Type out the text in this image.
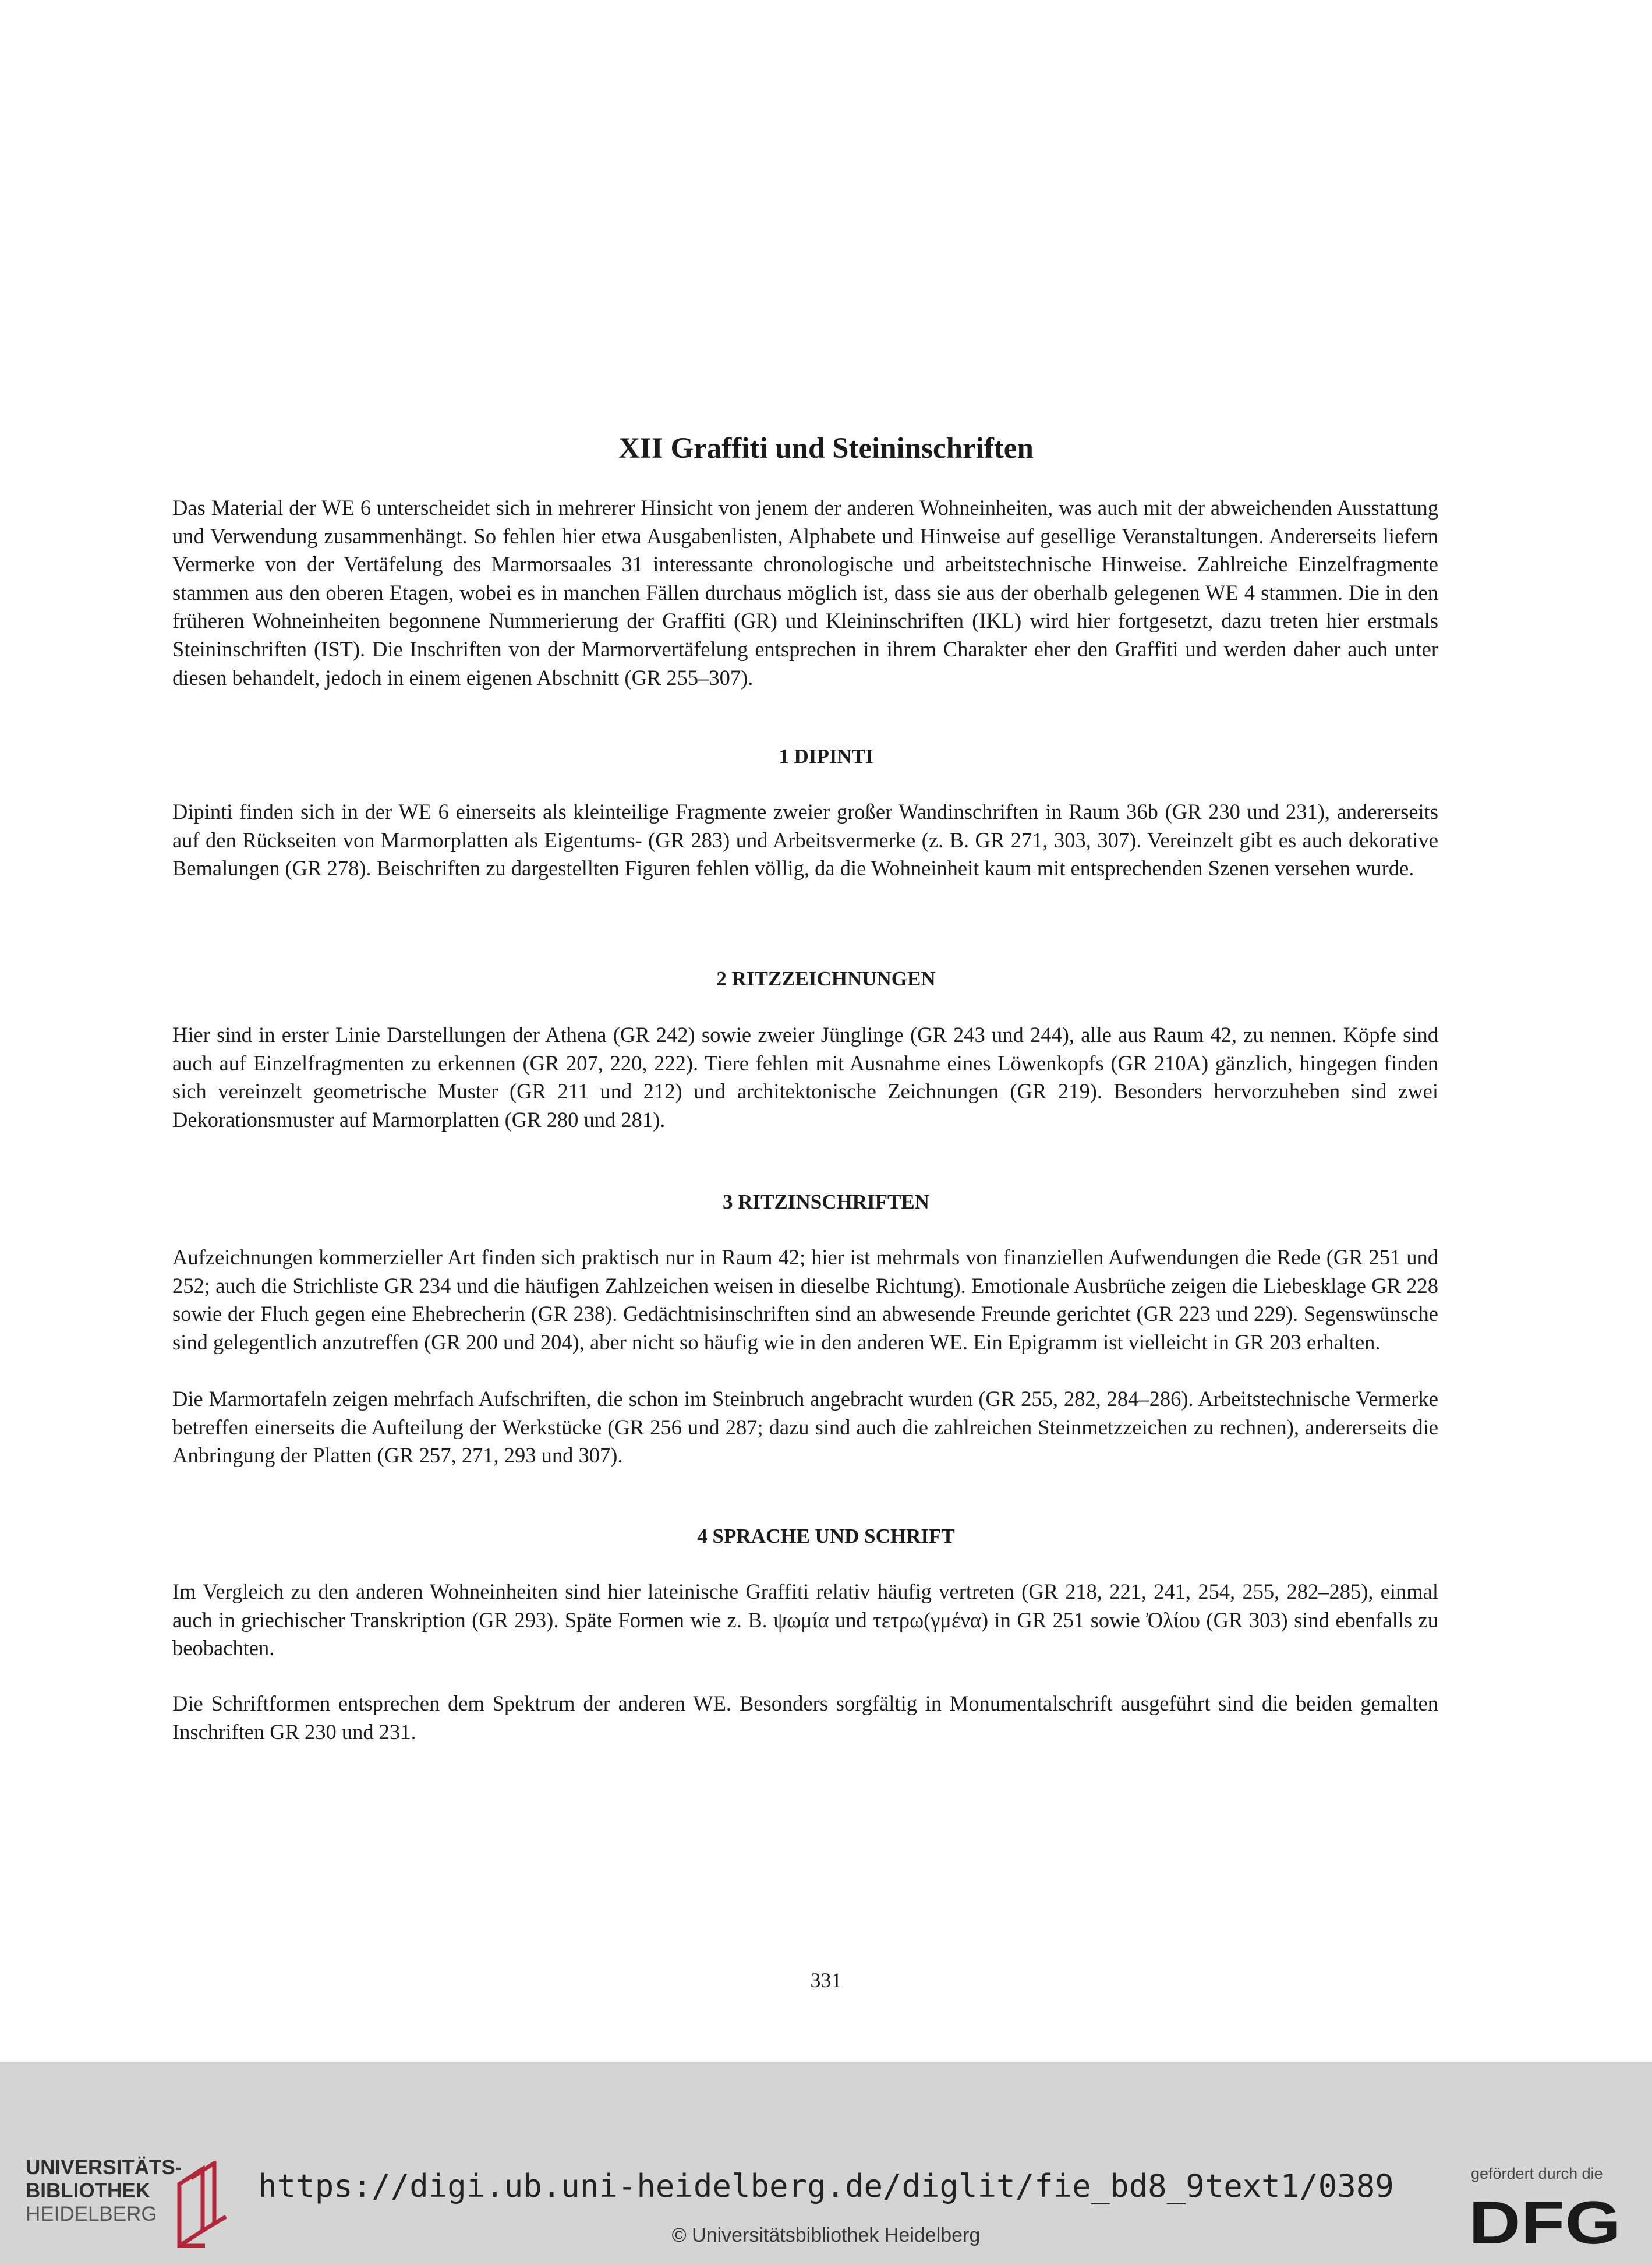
XII Graffiti und Steininschriften

Das Material der WE 6 unterscheidet sich in mehrerer Hinsicht von jenem der anderen Wohneinheiten, was auch mit der abweichenden Ausstattung und Verwendung zusammenhängt. So fehlen hier etwa Ausgabenlisten, Alphabete und Hinweise auf gesellige Veranstaltungen. Andererseits liefern Vermerke von der Vertäfelung des Marmorsaales 31 interessante chronologische und arbeitstechnische Hinweise. Zahlreiche Einzelfragmente stammen aus den oberen Etagen, wobei es in manchen Fällen durchaus möglich ist, dass sie aus der oberhalb gelegenen WE 4 stammen. Die in den früheren Wohneinheiten begonnene Nummerierung der Graffiti (GR) und Kleininschriften (IKL) wird hier fortgesetzt, dazu treten hier erstmals Steininschriften (IST). Die Inschriften von der Marmorvertäfelung entsprechen in ihrem Charakter eher den Graffiti und werden daher auch unter diesen behandelt, jedoch in einem eigenen Abschnitt (GR 255–307).

1 DIPINTI

Dipinti finden sich in der WE 6 einerseits als kleinteilige Fragmente zweier großer Wandinschriften in Raum 36b (GR 230 und 231), andererseits auf den Rückseiten von Marmorplatten als Eigentums- (GR 283) und Arbeitsvermerke (z. B. GR 271, 303, 307). Vereinzelt gibt es auch dekorative Bemalungen (GR 278). Beischriften zu dargestellten Figuren fehlen völlig, da die Wohneinheit kaum mit entsprechenden Szenen versehen wurde.

2 RITZZEICHNUNGEN

Hier sind in erster Linie Darstellungen der Athena (GR 242) sowie zweier Jünglinge (GR 243 und 244), alle aus Raum 42, zu nennen. Köpfe sind auch auf Einzelfragmenten zu erkennen (GR 207, 220, 222). Tiere fehlen mit Ausnahme eines Löwenkopfs (GR 210A) gänzlich, hingegen finden sich vereinzelt geometrische Muster (GR 211 und 212) und architektonische Zeichnungen (GR 219). Besonders hervorzuheben sind zwei Dekorationsmuster auf Marmorplatten (GR 280 und 281).

3 RITZINSCHRIFTEN

Aufzeichnungen kommerzieller Art finden sich praktisch nur in Raum 42; hier ist mehrmals von finanziellen Aufwendungen die Rede (GR 251 und 252; auch die Strichliste GR 234 und die häufigen Zahlzeichen weisen in dieselbe Richtung). Emotionale Ausbrüche zeigen die Liebesklage GR 228 sowie der Fluch gegen eine Ehebrecherin (GR 238). Gedächtnisinschriften sind an abwesende Freunde gerichtet (GR 223 und 229). Segenswünsche sind gelegentlich anzutreffen (GR 200 und 204), aber nicht so häufig wie in den anderen WE. Ein Epigramm ist vielleicht in GR 203 erhalten.

Die Marmortafeln zeigen mehrfach Aufschriften, die schon im Steinbruch angebracht wurden (GR 255, 282, 284–286). Arbeitstechnische Vermerke betreffen einerseits die Aufteilung der Werkstücke (GR 256 und 287; dazu sind auch die zahlreichen Steinmetzzeichen zu rechnen), andererseits die Anbringung der Platten (GR 257, 271, 293 und 307).

4 SPRACHE UND SCHRIFT

Im Vergleich zu den anderen Wohneinheiten sind hier lateinische Graffiti relativ häufig vertreten (GR 218, 221, 241, 254, 255, 282–285), einmal auch in griechischer Transkription (GR 293). Späte Formen wie z. B. ψωμία und τετρω(γμένα) in GR 251 sowie Ὀλίου (GR 303) sind ebenfalls zu beobachten.

Die Schriftformen entsprechen dem Spektrum der anderen WE. Besonders sorgfältig in Monumentalschrift ausgeführt sind die beiden gemalten Inschriften GR 230 und 231.

331
UNIVERSITÄTS-
BIBLIOTHEK
HEIDELBERG
https://digi.ub.uni-heidelberg.de/diglit/fie_bd8_9text1/0389
© Universitätsbibliothek Heidelberg
gefördert durch die
DFG
